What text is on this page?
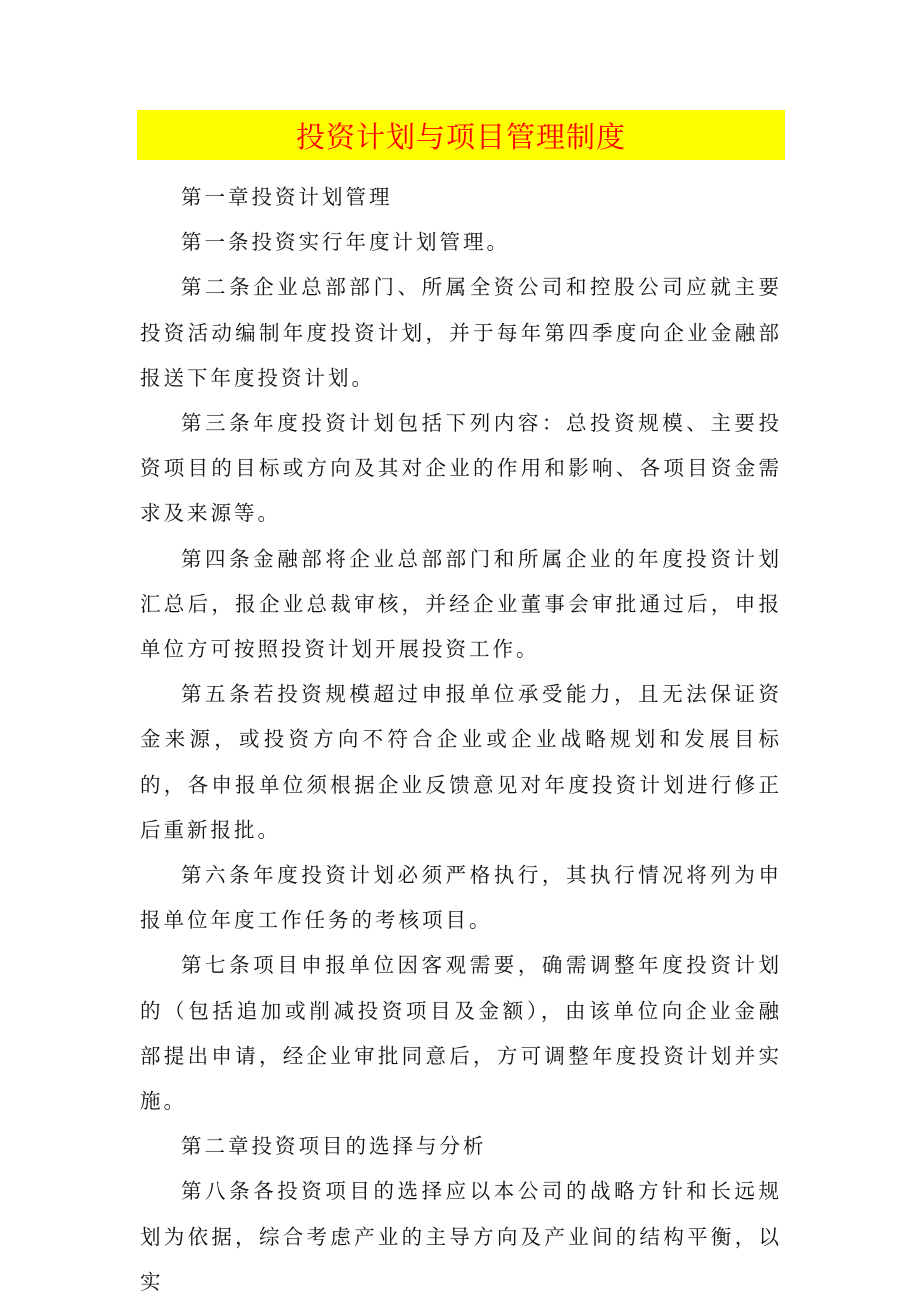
投资计划与项目管理制度

第一章投资计划管理

第一条投资实行年度计划管理。

第二条企业总部部门、所属全资公司和控股公司应就主要投资活动编制年度投资计划，并于每年第四季度向企业金融部报送下年度投资计划。

第三条年度投资计划包括下列内容：总投资规模、主要投资项目的目标或方向及其对企业的作用和影响、各项目资金需求及来源等。

第四条金融部将企业总部部门和所属企业的年度投资计划汇总后，报企业总裁审核，并经企业董事会审批通过后，申报单位方可按照投资计划开展投资工作。

第五条若投资规模超过申报单位承受能力，且无法保证资金来源，或投资方向不符合企业或企业战略规划和发展目标的，各申报单位须根据企业反馈意见对年度投资计划进行修正后重新报批。

第六条年度投资计划必须严格执行，其执行情况将列为申报单位年度工作任务的考核项目。

第七条项目申报单位因客观需要，确需调整年度投资计划的（包括追加或削减投资项目及金额），由该单位向企业金融部提出申请，经企业审批同意后，方可调整年度投资计划并实施。

第二章投资项目的选择与分析

第八条各投资项目的选择应以本公司的战略方针和长远规划为依据，综合考虑产业的主导方向及产业间的结构平衡，以实
